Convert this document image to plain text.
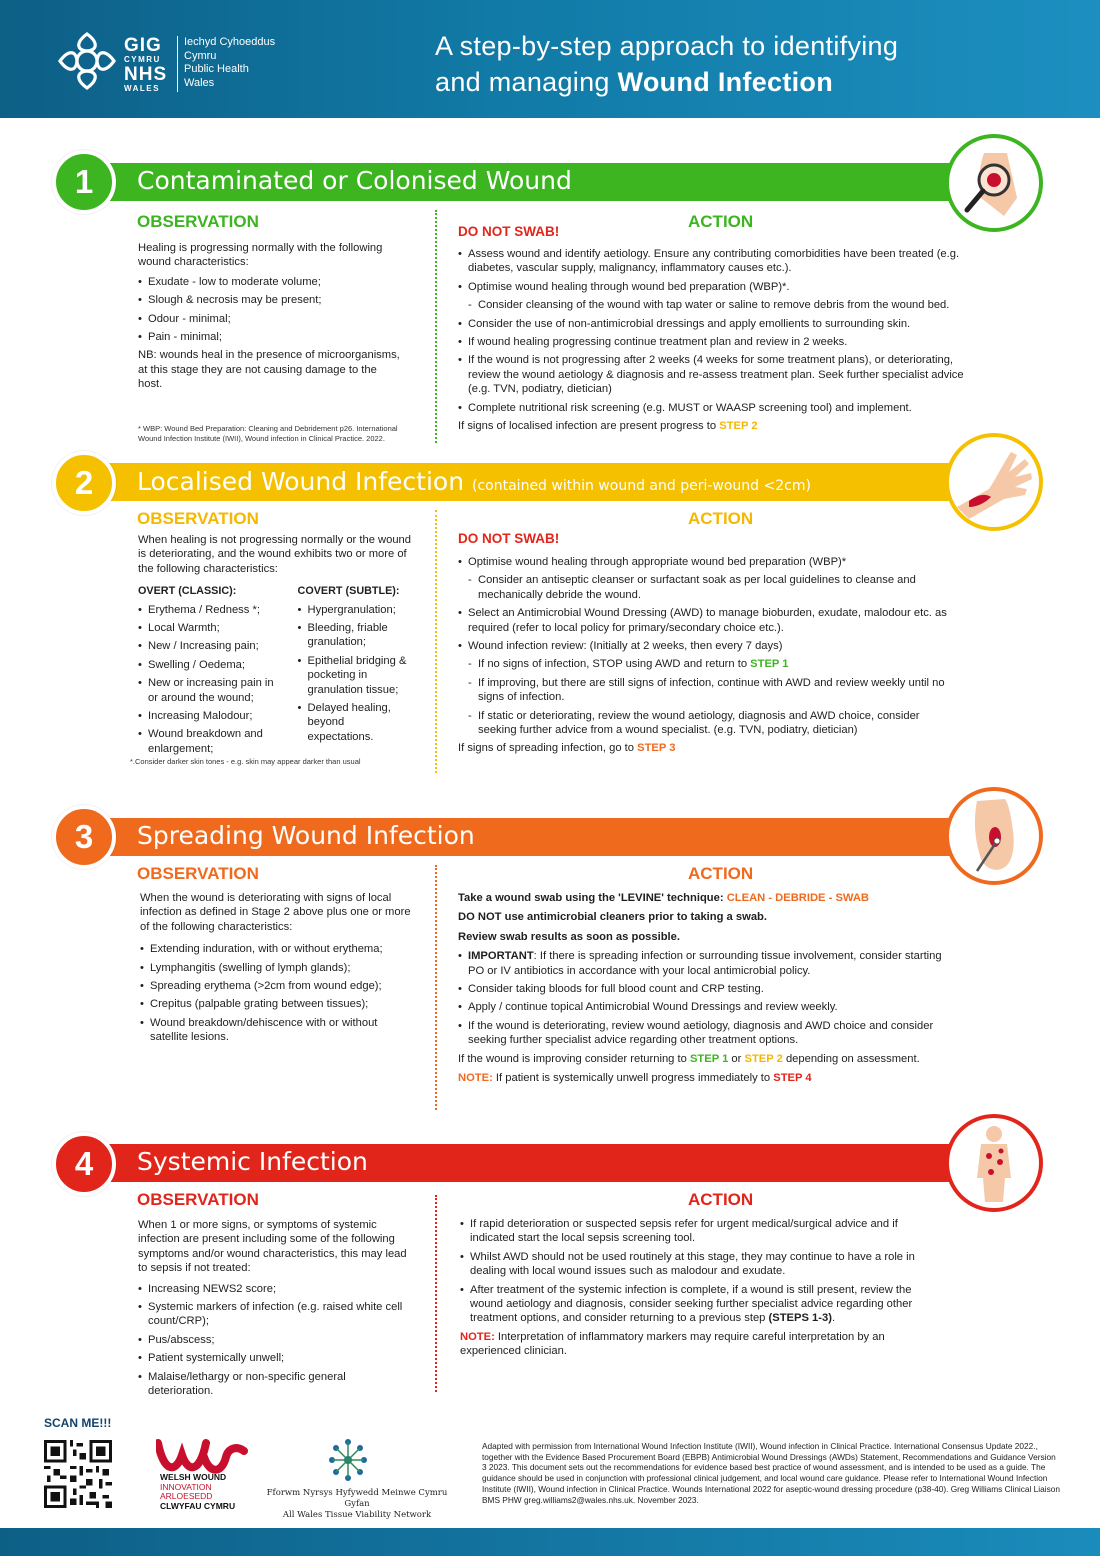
GIG
CYMRU
NHS
WALES
Iechyd Cyhoeddus
Cymru
Public Health
Wales
A step-by-step approach to identifying
and managing Wound Infection
1	Contaminated or Colonised Wound
OBSERVATION	ACTION

Healing is progressing normally with the following wound characteristics:

• Exudate - low to moderate volume;
• Slough & necrosis may be present;
• Odour - minimal;
• Pain - minimal;

NB: wounds heal in the presence of microorganisms, at this stage they are not causing damage to the host.

* WBP: Wound Bed Preparation: Cleaning and Debridement p26. International Wound Infection Institute (IWII), Wound infection in Clinical Practice. 2022.
DO NOT SWAB!
• Assess wound and identify aetiology. Ensure any contributing comorbidities have been treated (e.g. diabetes, vascular supply, malignancy, inflammatory causes etc.).
• Optimise wound healing through wound bed preparation (WBP)*.
- Consider cleansing of the wound with tap water or saline to remove debris from the wound bed.
• Consider the use of non-antimicrobial dressings and apply emollients to surrounding skin.
• If wound healing progressing continue treatment plan and review in 2 weeks.
• If the wound is not progressing after 2 weeks (4 weeks for some treatment plans), or deteriorating, review the wound aetiology & diagnosis and re-assess treatment plan. Seek further specialist advice (e.g. TVN, podiatry, dietician)
• Complete nutritional risk screening (e.g. MUST or WAASP screening tool) and implement.

If signs of localised infection are present progress to STEP 2

2	Localised Wound Infection (contained within wound and peri-wound <2cm)
OBSERVATION	ACTION

When healing is not progressing normally or the wound is deteriorating, and the wound exhibits two or more of the following characteristics:

OVERT (CLASSIC):
• Erythema / Redness *;
• Local Warmth;
• New / Increasing pain;
• Swelling / Oedema;
• New or increasing pain in or around the wound;
• Increasing Malodour;
• Wound breakdown and enlargement;
COVERT (SUBTLE):
• Hypergranulation;
• Bleeding, friable granulation;
• Epithelial bridging & pocketing in granulation tissue;
• Delayed healing, beyond expectations.
*.Consider darker skin tones - e.g. skin may appear darker than usual
DO NOT SWAB!
• Optimise wound healing through appropriate wound bed preparation (WBP)*
- Consider an antiseptic cleanser or surfactant soak as per local guidelines to cleanse and mechanically debride the wound.
• Select an Antimicrobial Wound Dressing (AWD) to manage bioburden, exudate, malodour etc. as required (refer to local policy for primary/secondary choice etc.).
• Wound infection review: (Initially at 2 weeks, then every 7 days)
- If no signs of infection, STOP using AWD and return to STEP 1
- If improving, but there are still signs of infection, continue with AWD and review weekly until no signs of infection.
- If static or deteriorating, review the wound aetiology, diagnosis and AWD choice, consider seeking further advice from a wound specialist. (e.g. TVN, podiatry, dietician)

If signs of spreading infection, go to STEP 3

3	Spreading Wound Infection
OBSERVATION	ACTION

When the wound is deteriorating with signs of local infection as defined in Stage 2 above plus one or more of the following characteristics:

• Extending induration, with or without erythema;
• Lymphangitis (swelling of lymph glands);
• Spreading erythema (>2cm from wound edge);
• Crepitus (palpable grating between tissues);
• Wound breakdown/dehiscence with or without satellite lesions.

Take a wound swab using the 'LEVINE' technique: CLEAN - DEBRIDE - SWAB

DO NOT use antimicrobial cleaners prior to taking a swab.

Review swab results as soon as possible.

• IMPORTANT: If there is spreading infection or surrounding tissue involvement, consider starting PO or IV antibiotics in accordance with your local antimicrobial policy.
• Consider taking bloods for full blood count and CRP testing.
• Apply / continue topical Antimicrobial Wound Dressings and review weekly.
• If the wound is deteriorating, review wound aetiology, diagnosis and AWD choice and consider seeking further specialist advice regarding other treatment options.

If the wound is improving consider returning to STEP 1 or STEP 2 depending on assessment.

NOTE: If patient is systemically unwell progress immediately to STEP 4

4	Systemic Infection
OBSERVATION	ACTION

When 1 or more signs, or symptoms of systemic infection are present including some of the following symptoms and/or wound characteristics, this may lead to sepsis if not treated:

• Increasing NEWS2 score;
• Systemic markers of infection (e.g. raised white cell count/CRP);
• Pus/abscess;
• Patient systemically unwell;
• Malaise/lethargy or non-specific general deterioration.
• If rapid deterioration or suspected sepsis refer for urgent medical/surgical advice and if indicated start the local sepsis screening tool.
• Whilst AWD should not be used routinely at this stage, they may continue to have a role in dealing with local wound issues such as malodour and exudate.
• After treatment of the systemic infection is complete, if a wound is still present, review the wound aetiology and diagnosis, consider seeking further specialist advice regarding other treatment options, and consider returning to a previous step (STEPS 1-3).

NOTE: Interpretation of inflammatory markers may require careful interpretation by an experienced clinician.

SCAN ME!!!
WELSH WOUND
INNOVATION
ARLOESEDD
CLWYFAU CYMRU
Fforwm Nyrsys Hyfywedd Meinwe Cymru Gyfan
All Wales Tissue Viability Network
Adapted with permission from International Wound Infection Institute (IWII), Wound infection in Clinical Practice. International Consensus Update 2022., together with the Evidence Based Procurement Board (EBPB) Antimicrobial Wound Dressings (AWDs) Statement, Recommendations and Guidance Version 3 2023. This document sets out the recommendations for evidence based best practice of wound assessment, and is intended to be used as a guide. The guidance should be used in conjunction with professional clinical judgement, and local wound care guidance. Please refer to International Wound Infection Institute (IWII), Wound infection in Clinical Practice. Wounds International 2022 for aseptic-wound dressing procedure (p38-40). Greg Williams Clinical Liaison BMS PHW greg.williams2@wales.nhs.uk. November 2023.
